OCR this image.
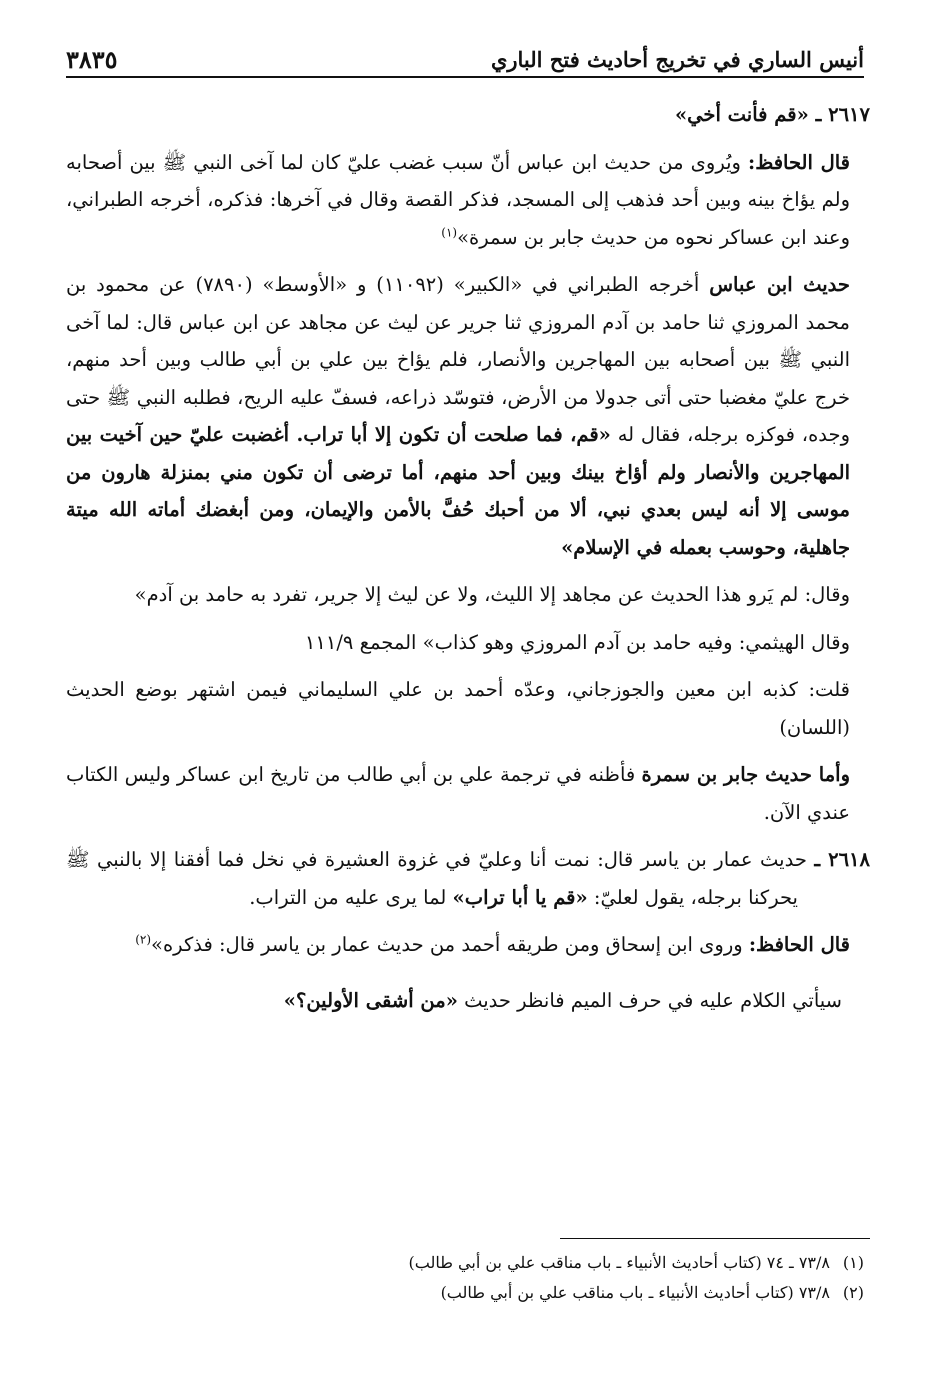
أنيس الساري في تخريج أحاديث فتح الباري
٣٨٣٥

٢٦١٧ ـ «قم فأنت أخي»

قال الحافظ: ويُروى من حديث ابن عباس أنّ سبب غضب عليّ كان لما آخى النبي ﷺ بين أصحابه ولم يؤاخ بينه وبين أحد فذهب إلى المسجد، فذكر القصة وقال في آخرها: فذكره، أخرجه الطبراني، وعند ابن عساكر نحوه من حديث جابر بن سمرة»$^{(١)}$

حديث ابن عباس أخرجه الطبراني في «الكبير» (١١٠٩٢) و «الأوسط» (٧٨٩٠) عن محمود بن محمد المروزي ثنا حامد بن آدم المروزي ثنا جرير عن ليث عن مجاهد عن ابن عباس قال: لما آخى النبي ﷺ بين أصحابه بين المهاجرين والأنصار، فلم يؤاخ بين علي بن أبي طالب وبين أحد منهم، خرج عليّ مغضبا حتى أتى جدولا من الأرض، فتوسّد ذراعه، فسفّ عليه الريح، فطلبه النبي ﷺ حتى وجده، فوكزه برجله، فقال له «قم، فما صلحت أن تكون إلا أبا تراب. أغضبت عليّ حين آخيت بين المهاجرين والأنصار ولم أؤاخ بينك وبين أحد منهم، أما ترضى أن تكون مني بمنزلة هارون من موسى إلا أنه ليس بعدي نبي، ألا من أحبك حُفَّ بالأمن والإيمان، ومن أبغضك أماته الله ميتة جاهلية، وحوسب بعمله في الإسلام»

وقال: لم يَرو هذا الحديث عن مجاهد إلا الليث، ولا عن ليث إلا جرير، تفرد به حامد بن آدم»

وقال الهيثمي: وفيه حامد بن آدم المروزي وهو كذاب» المجمع ١١١/٩

قلت: كذبه ابن معين والجوزجاني، وعدّه أحمد بن علي السليماني فيمن اشتهر بوضع الحديث (اللسان)

وأما حديث جابر بن سمرة فأظنه في ترجمة علي بن أبي طالب من تاريخ ابن عساكر وليس الكتاب عندي الآن.

٢٦١٨ ـ حديث عمار بن ياسر قال: نمت أنا وعليّ في غزوة العشيرة في نخل فما أفقنا إلا بالنبي ﷺ يحركنا برجله، يقول لعليّ: «قم يا أبا تراب» لما يرى عليه من التراب.

قال الحافظ: وروى ابن إسحاق ومن طريقه أحمد من حديث عمار بن ياسر قال: فذكره»$^{(٢)}$

سيأتي الكلام عليه في حرف الميم فانظر حديث «من أشقى الأولين؟»

(١)٧٣/٨ ـ ٧٤ (كتاب أحاديث الأنبياء ـ باب مناقب علي بن أبي طالب)

(٢)٧٣/٨ (كتاب أحاديث الأنبياء ـ باب مناقب علي بن أبي طالب)
